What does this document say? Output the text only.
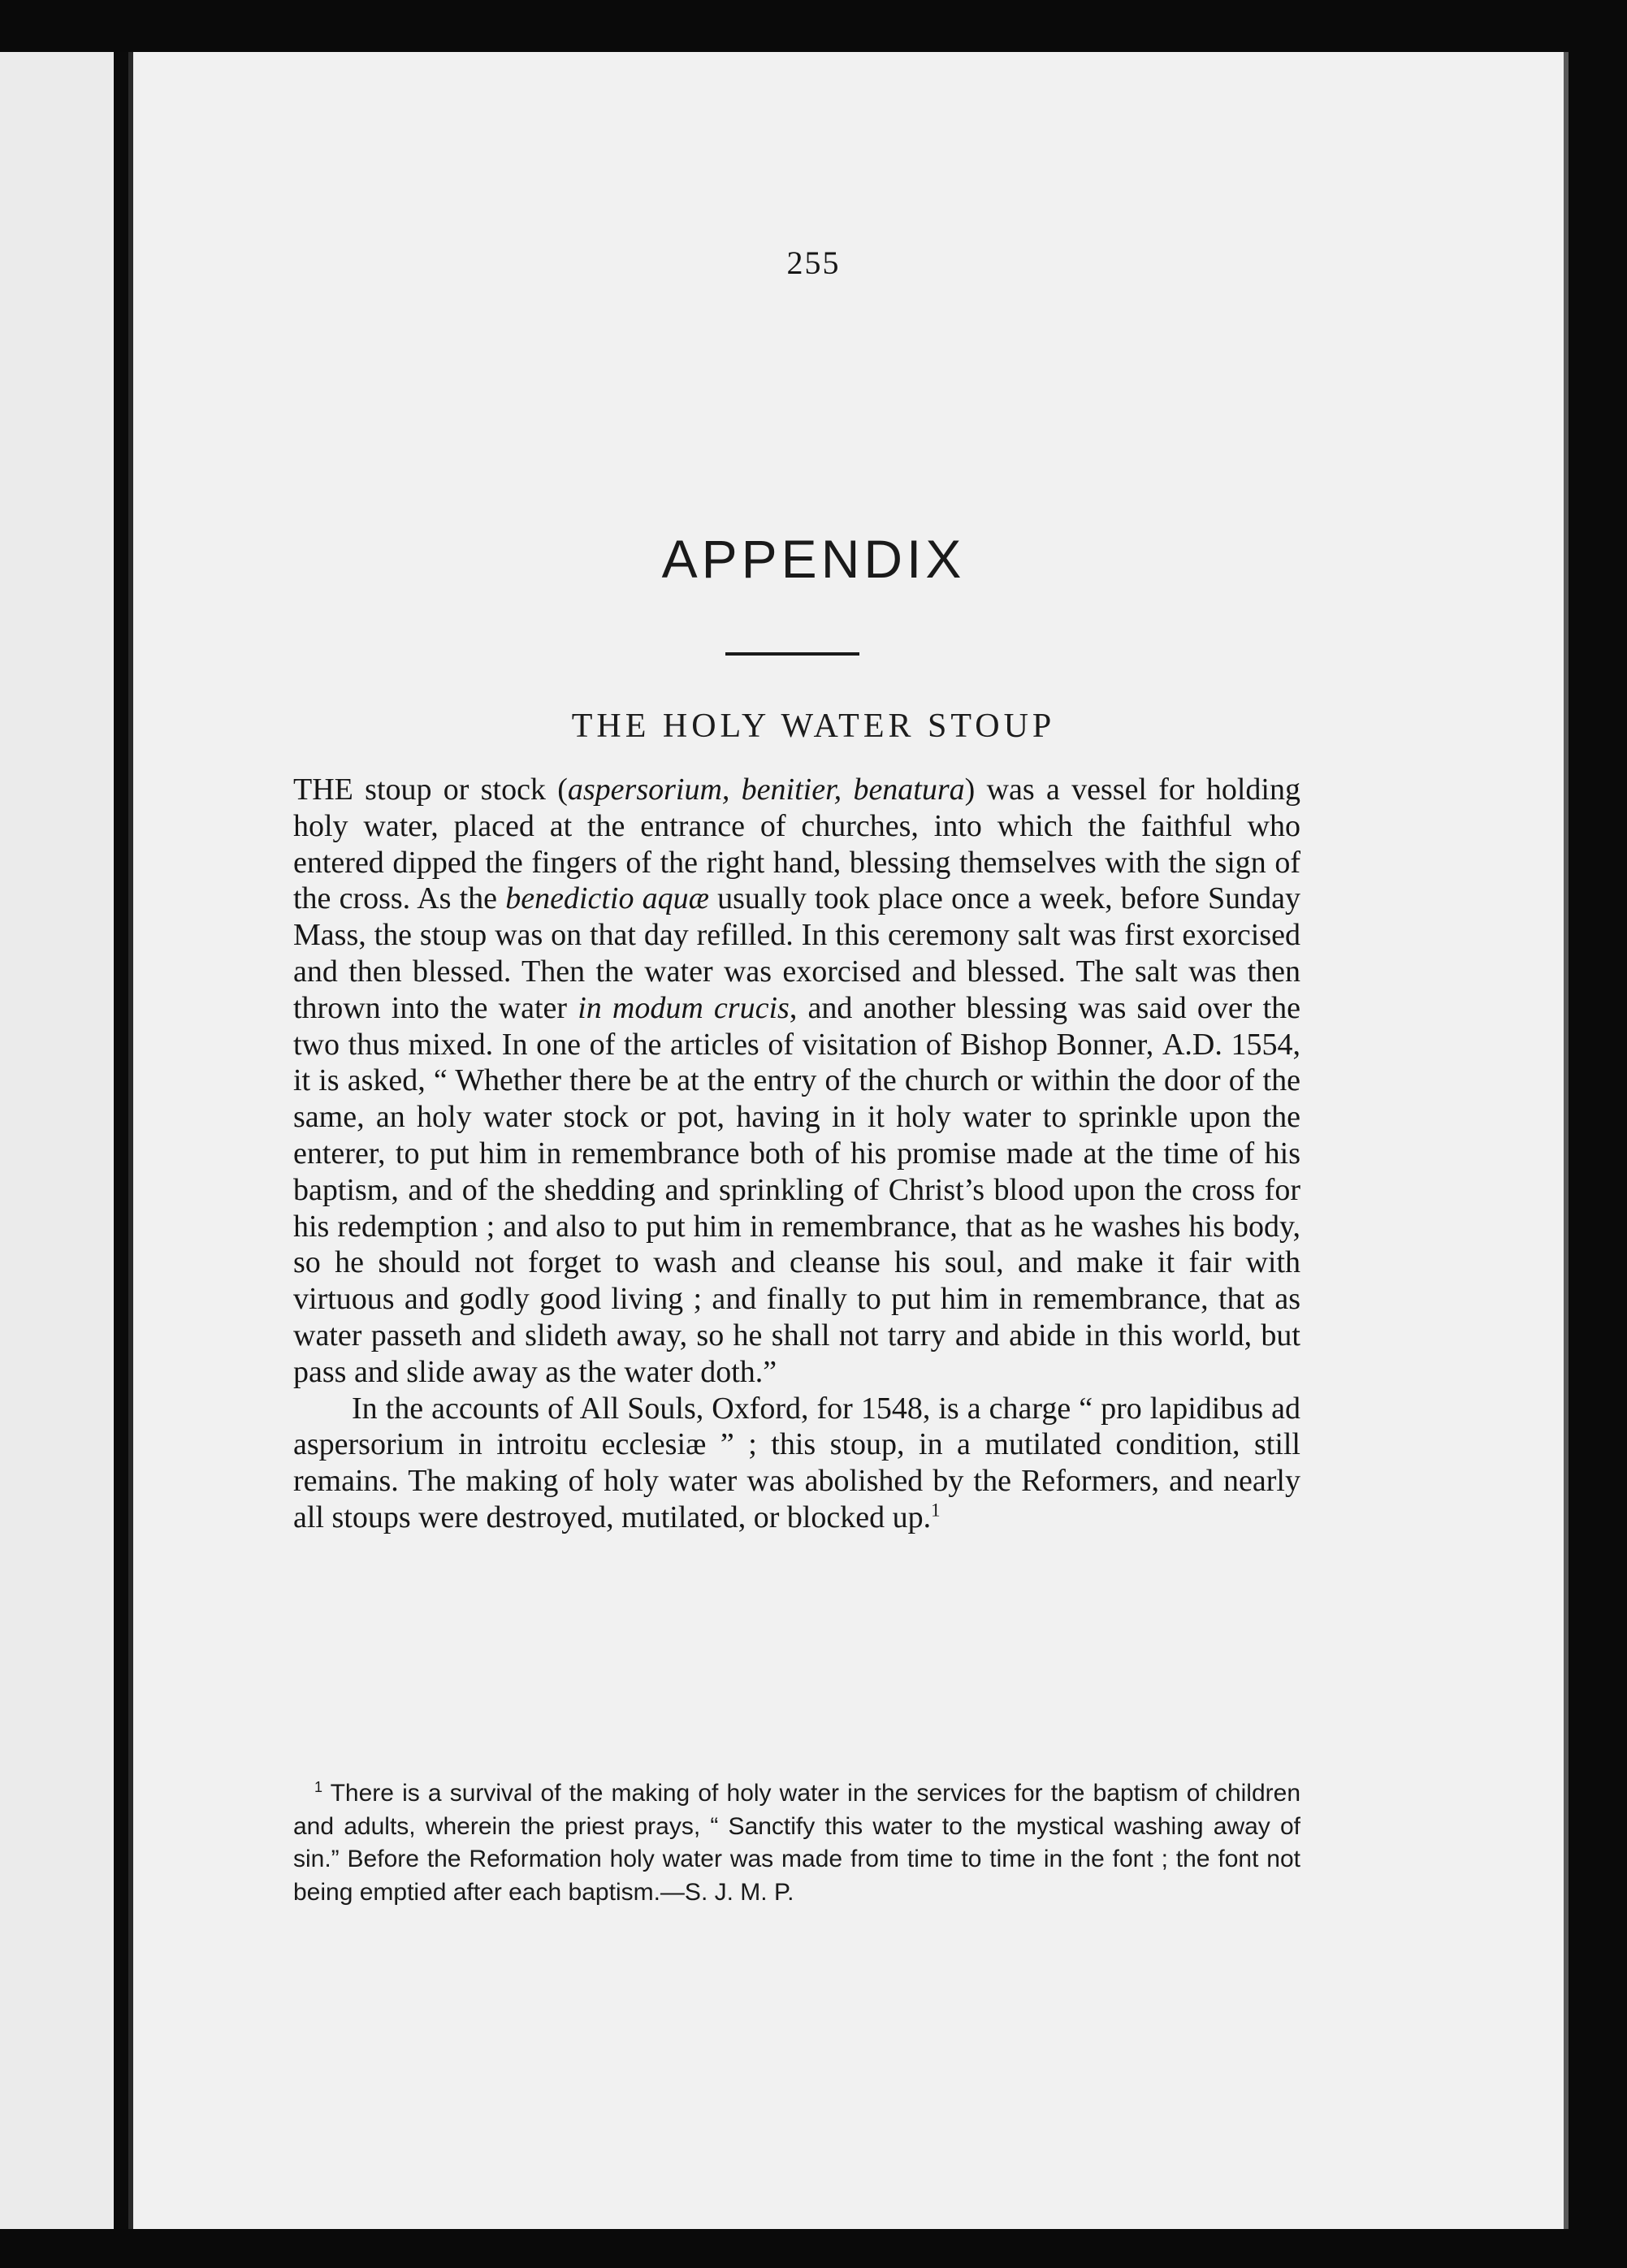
255
APPENDIX
THE HOLY WATER STOUP

THE stoup or stock (aspersorium, benitier, benatura) was a vessel for holding holy water, placed at the entrance of churches, into which the faithful who entered dipped the fingers of the right hand, blessing themselves with the sign of the cross. As the benedictio aquæ usually took place once a week, before Sunday Mass, the stoup was on that day refilled. In this ceremony salt was first exorcised and then blessed. Then the water was exorcised and blessed. The salt was then thrown into the water in modum crucis, and another blessing was said over the two thus mixed. In one of the articles of visitation of Bishop Bonner, A.D. 1554, it is asked, “ Whether there be at the entry of the church or within the door of the same, an holy water stock or pot, having in it holy water to sprinkle upon the enterer, to put him in remembrance both of his promise made at the time of his baptism, and of the shedding and sprinkling of Christ’s blood upon the cross for his redemption ; and also to put him in remembrance, that as he washes his body, so he should not forget to wash and cleanse his soul, and make it fair with virtuous and godly good living ; and finally to put him in remembrance, that as water passeth and slideth away, so he shall not tarry and abide in this world, but pass and slide away as the water doth.”

In the accounts of All Souls, Oxford, for 1548, is a charge “ pro lapidibus ad aspersorium in introitu ecclesiæ ” ; this stoup, in a mutilated condition, still remains. The making of holy water was abolished by the Reformers, and nearly all stoups were destroyed, mutilated, or blocked up.$^1$

$^1$ There is a survival of the making of holy water in the services for the baptism of children and adults, wherein the priest prays, “ Sanctify this water to the mystical washing away of sin.” Before the Reformation holy water was made from time to time in the font ; the font not being emptied after each baptism.—S. J. M. P.
